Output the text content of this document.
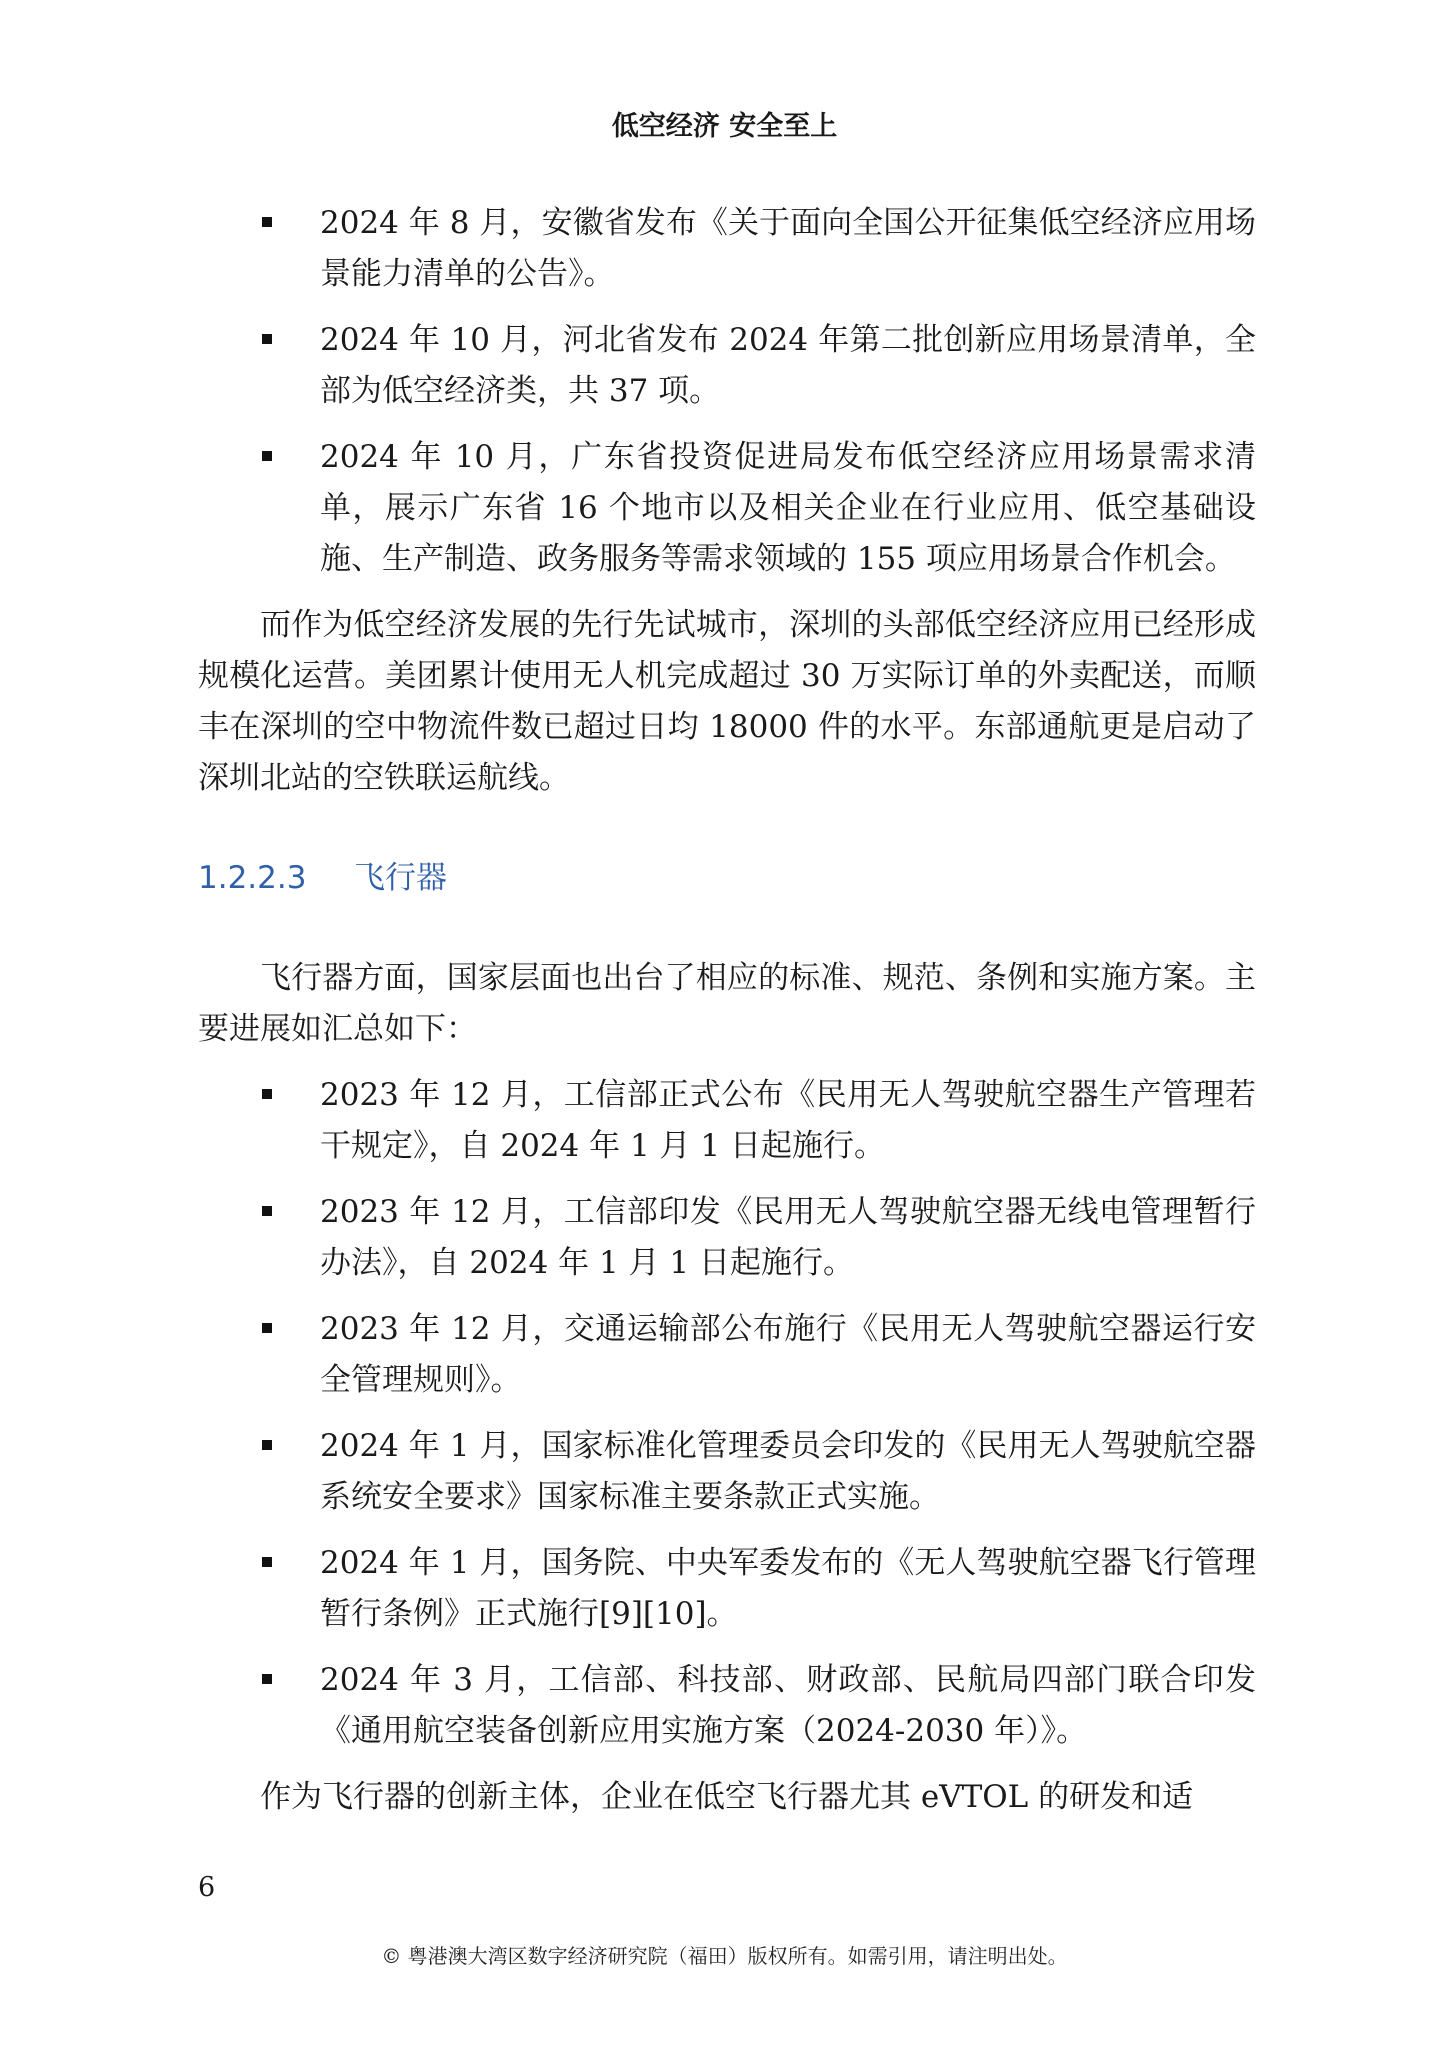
低空经济 安全至上
2024 年 8 月，安徽省发布《关于面向全国公开征集低空经济应用场景能力清单的公告》。
2024 年 10 月，河北省发布 2024 年第二批创新应用场景清单，全部为低空经济类，共 37 项。
2024 年 10 月，广东省投资促进局发布低空经济应用场景需求清单，展示广东省 16 个地市以及相关企业在行业应用、低空基础设施、生产制造、政务服务等需求领域的 155 项应用场景合作机会。

而作为低空经济发展的先行先试城市，深圳的头部低空经济应用已经形成规模化运营。美团累计使用无人机完成超过 30 万实际订单的外卖配送，而顺丰在深圳的空中物流件数已超过日均 18000 件的水平。东部通航更是启动了深圳北站的空铁联运航线。

1.2.2.3 飞行器

飞行器方面，国家层面也出台了相应的标准、规范、条例和实施方案。主要进展如汇总如下：

2023 年 12 月，工信部正式公布《民用无人驾驶航空器生产管理若干规定》，自 2024 年 1 月 1 日起施行。
2023 年 12 月，工信部印发《民用无人驾驶航空器无线电管理暂行办法》，自 2024 年 1 月 1 日起施行。
2023 年 12 月，交通运输部公布施行《民用无人驾驶航空器运行安全管理规则》。
2024 年 1 月，国家标准化管理委员会印发的《民用无人驾驶航空器系统安全要求》国家标准主要条款正式实施。
2024 年 1 月，国务院、中央军委发布的《无人驾驶航空器飞行管理暂行条例》正式施行[9][10]。
2024 年 3 月，工信部、科技部、财政部、民航局四部门联合印发《通用航空装备创新应用实施方案（2024-2030 年）》。

作为飞行器的创新主体，企业在低空飞行器尤其 eVTOL 的研发和适

6
© 粤港澳大湾区数字经济研究院（福田）版权所有。如需引用，请注明出处。
